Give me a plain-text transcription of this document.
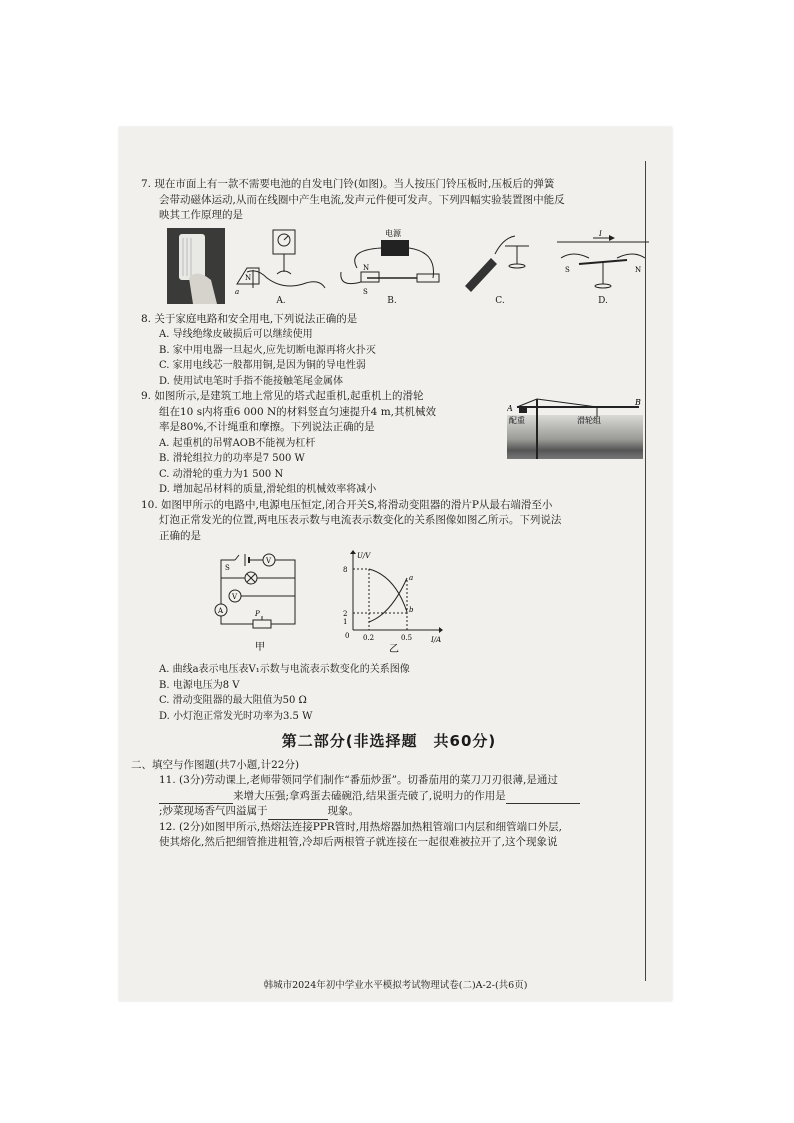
7. 现在市面上有一款不需要电池的自发电门铃(如图)。当人按压门铃压板时,压板后的弹簧

会带动磁体运动,从而在线圈中产生电流,发声元件便可发声。下列四幅实验装置图中能反

映其工作原理的是

N
a
A.
电源
N
S
B.	C.
I
S	N
D.

8. 关于家庭电路和安全用电,下列说法正确的是

A. 导线绝缘皮破损后可以继续使用

B. 家中用电器一旦起火,应先切断电源再将火扑灭

C. 家用电线芯一般都用铜,是因为铜的导电性弱

D. 使用试电笔时手指不能接触笔尾金属体

9. 如图所示,是建筑工地上常见的塔式起重机,起重机上的滑轮

组在10 s内将重6 000 N的材料竖直匀速提升4 m,其机械效

率是80%,不计绳重和摩擦。下列说法正确的是

A. 起重机的吊臂AOB不能视为杠杆

B. 滑轮组拉力的功率是7 500 W

C. 动滑轮的重力为1 500 N

D. 增加起吊材料的质量,滑轮组的机械效率将减小

A
B
配重	滑轮组

10. 如图甲所示的电路中,电源电压恒定,闭合开关S,将滑动变阻器的滑片P从最右端滑至小

灯泡正常发光的位置,两电压表示数与电流表示数变化的关系图像如图乙所示。下列说法

正确的是

S
V
V
A	P
甲
U/V
I/A
8
2
1
0 0.2	0.5
a
b
乙

A. 曲线a表示电压表V₁示数与电流表示数变化的关系图像

B. 电源电压为8 V

C. 滑动变阻器的最大阻值为50 Ω

D. 小灯泡正常发光时功率为3.5 W

第二部分(非选择题　共60分)

二、填空与作图题(共7小题,计22分)

11. (3分)劳动课上,老师带领同学们制作“番茄炒蛋”。切番茄用的菜刀刀刃很薄,是通过

来增大压强;拿鸡蛋去磕碗沿,结果蛋壳破了,说明力的作用是

;炒菜现场香气四溢属于	现象。

12. (2分)如图甲所示,热熔法连接PPR管时,用热熔器加热粗管端口内层和细管端口外层,

使其熔化,然后把细管推进粗管,冷却后两根管子就连接在一起很难被拉开了,这个现象说

韩城市2024年初中学业水平模拟考试物理试卷(二)A-2-(共6页)
